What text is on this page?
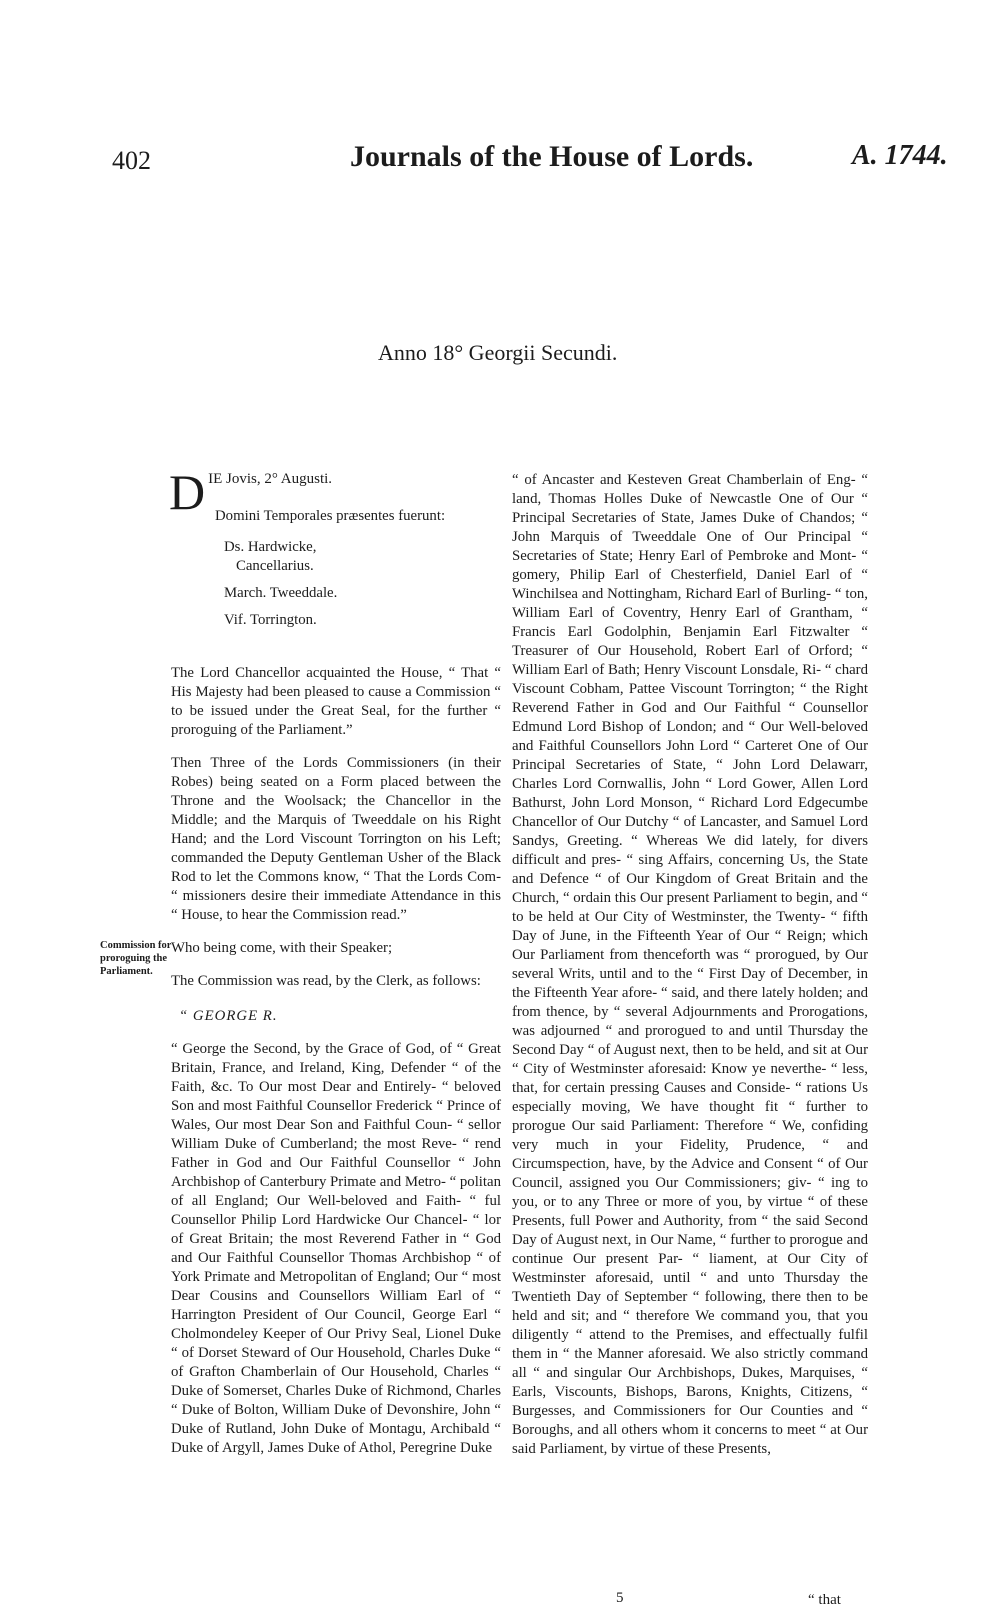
402	Journals of the House of Lords.	A. 1744.
Anno 18° Georgii Secundi.
Commission for proroguing the Parliament.

DIE Jovis, 2° Augusti.

Domini Temporales præsentes fuerunt:

Ds. Hardwicke,
Cancellarius.
March. Tweeddale.
Vif. Torrington.

The Lord Chancellor acquainted the House, “ That “ His Majesty had been pleased to cause a Commission “ to be issued under the Great Seal, for the further “ proroguing of the Parliament.”

Then Three of the Lords Commissioners (in their Robes) being seated on a Form placed between the Throne and the Woolsack; the Chancellor in the Middle; and the Marquis of Tweeddale on his Right Hand; and the Lord Viscount Torrington on his Left; commanded the Deputy Gentleman Usher of the Black Rod to let the Commons know, “ That the Lords Com- “ missioners desire their immediate Attendance in this “ House, to hear the Commission read.”

Who being come, with their Speaker;

The Commission was read, by the Clerk, as follows:

“ GEORGE R.

“ George the Second, by the Grace of God, of “ Great Britain, France, and Ireland, King, Defender “ of the Faith, &c. To Our most Dear and Entirely- “ beloved Son and most Faithful Counsellor Frederick “ Prince of Wales, Our most Dear Son and Faithful Coun- “ sellor William Duke of Cumberland; the most Reve- “ rend Father in God and Our Faithful Counsellor “ John Archbishop of Canterbury Primate and Metro- “ politan of all England; Our Well-beloved and Faith- “ ful Counsellor Philip Lord Hardwicke Our Chancel- “ lor of Great Britain; the most Reverend Father in “ God and Our Faithful Counsellor Thomas Archbishop “ of York Primate and Metropolitan of England; Our “ most Dear Cousins and Counsellors William Earl of “ Harrington President of Our Council, George Earl “ Cholmondeley Keeper of Our Privy Seal, Lionel Duke “ of Dorset Steward of Our Household, Charles Duke “ of Grafton Chamberlain of Our Household, Charles “ Duke of Somerset, Charles Duke of Richmond, Charles “ Duke of Bolton, William Duke of Devonshire, John “ Duke of Rutland, John Duke of Montagu, Archibald “ Duke of Argyll, James Duke of Athol, Peregrine Duke

“ of Ancaster and Kesteven Great Chamberlain of Eng- “ land, Thomas Holles Duke of Newcastle One of Our “ Principal Secretaries of State, James Duke of Chandos; “ John Marquis of Tweeddale One of Our Principal “ Secretaries of State; Henry Earl of Pembroke and Mont- “ gomery, Philip Earl of Chesterfield, Daniel Earl of “ Winchilsea and Nottingham, Richard Earl of Burling- “ ton, William Earl of Coventry, Henry Earl of Grantham, “ Francis Earl Godolphin, Benjamin Earl Fitzwalter “ Treasurer of Our Household, Robert Earl of Orford; “ William Earl of Bath; Henry Viscount Lonsdale, Ri- “ chard Viscount Cobham, Pattee Viscount Torrington; “ the Right Reverend Father in God and Our Faithful “ Counsellor Edmund Lord Bishop of London; and “ Our Well-beloved and Faithful Counsellors John Lord “ Carteret One of Our Principal Secretaries of State, “ John Lord Delawarr, Charles Lord Cornwallis, John “ Lord Gower, Allen Lord Bathurst, John Lord Monson, “ Richard Lord Edgecumbe Chancellor of Our Dutchy “ of Lancaster, and Samuel Lord Sandys, Greeting. “ Whereas We did lately, for divers difficult and pres- “ sing Affairs, concerning Us, the State and Defence “ of Our Kingdom of Great Britain and the Church, “ ordain this Our present Parliament to begin, and “ to be held at Our City of Westminster, the Twenty- “ fifth Day of June, in the Fifteenth Year of Our “ Reign; which Our Parliament from thenceforth was “ prorogued, by Our several Writs, until and to the “ First Day of December, in the Fifteenth Year afore- “ said, and there lately holden; and from thence, by “ several Adjournments and Prorogations, was adjourned “ and prorogued to and until Thursday the Second Day “ of August next, then to be held, and sit at Our “ City of Westminster aforesaid: Know ye neverthe- “ less, that, for certain pressing Causes and Conside- “ rations Us especially moving, We have thought fit “ further to prorogue Our said Parliament: Therefore “ We, confiding very much in your Fidelity, Prudence, “ and Circumspection, have, by the Advice and Consent “ of Our Council, assigned you Our Commissioners; giv- “ ing to you, or to any Three or more of you, by virtue “ of these Presents, full Power and Authority, from “ the said Second Day of August next, in Our Name, “ further to prorogue and continue Our present Par- “ liament, at Our City of Westminster aforesaid, until “ and unto Thursday the Twentieth Day of September “ following, there then to be held and sit; and “ therefore We command you, that you diligently “ attend to the Premises, and effectually fulfil them in “ the Manner aforesaid. We also strictly command all “ and singular Our Archbishops, Dukes, Marquises, “ Earls, Viscounts, Bishops, Barons, Knights, Citizens, “ Burgesses, and Commissioners for Our Counties and “ Boroughs, and all others whom it concerns to meet “ at Our said Parliament, by virtue of these Presents,

5	“ that
